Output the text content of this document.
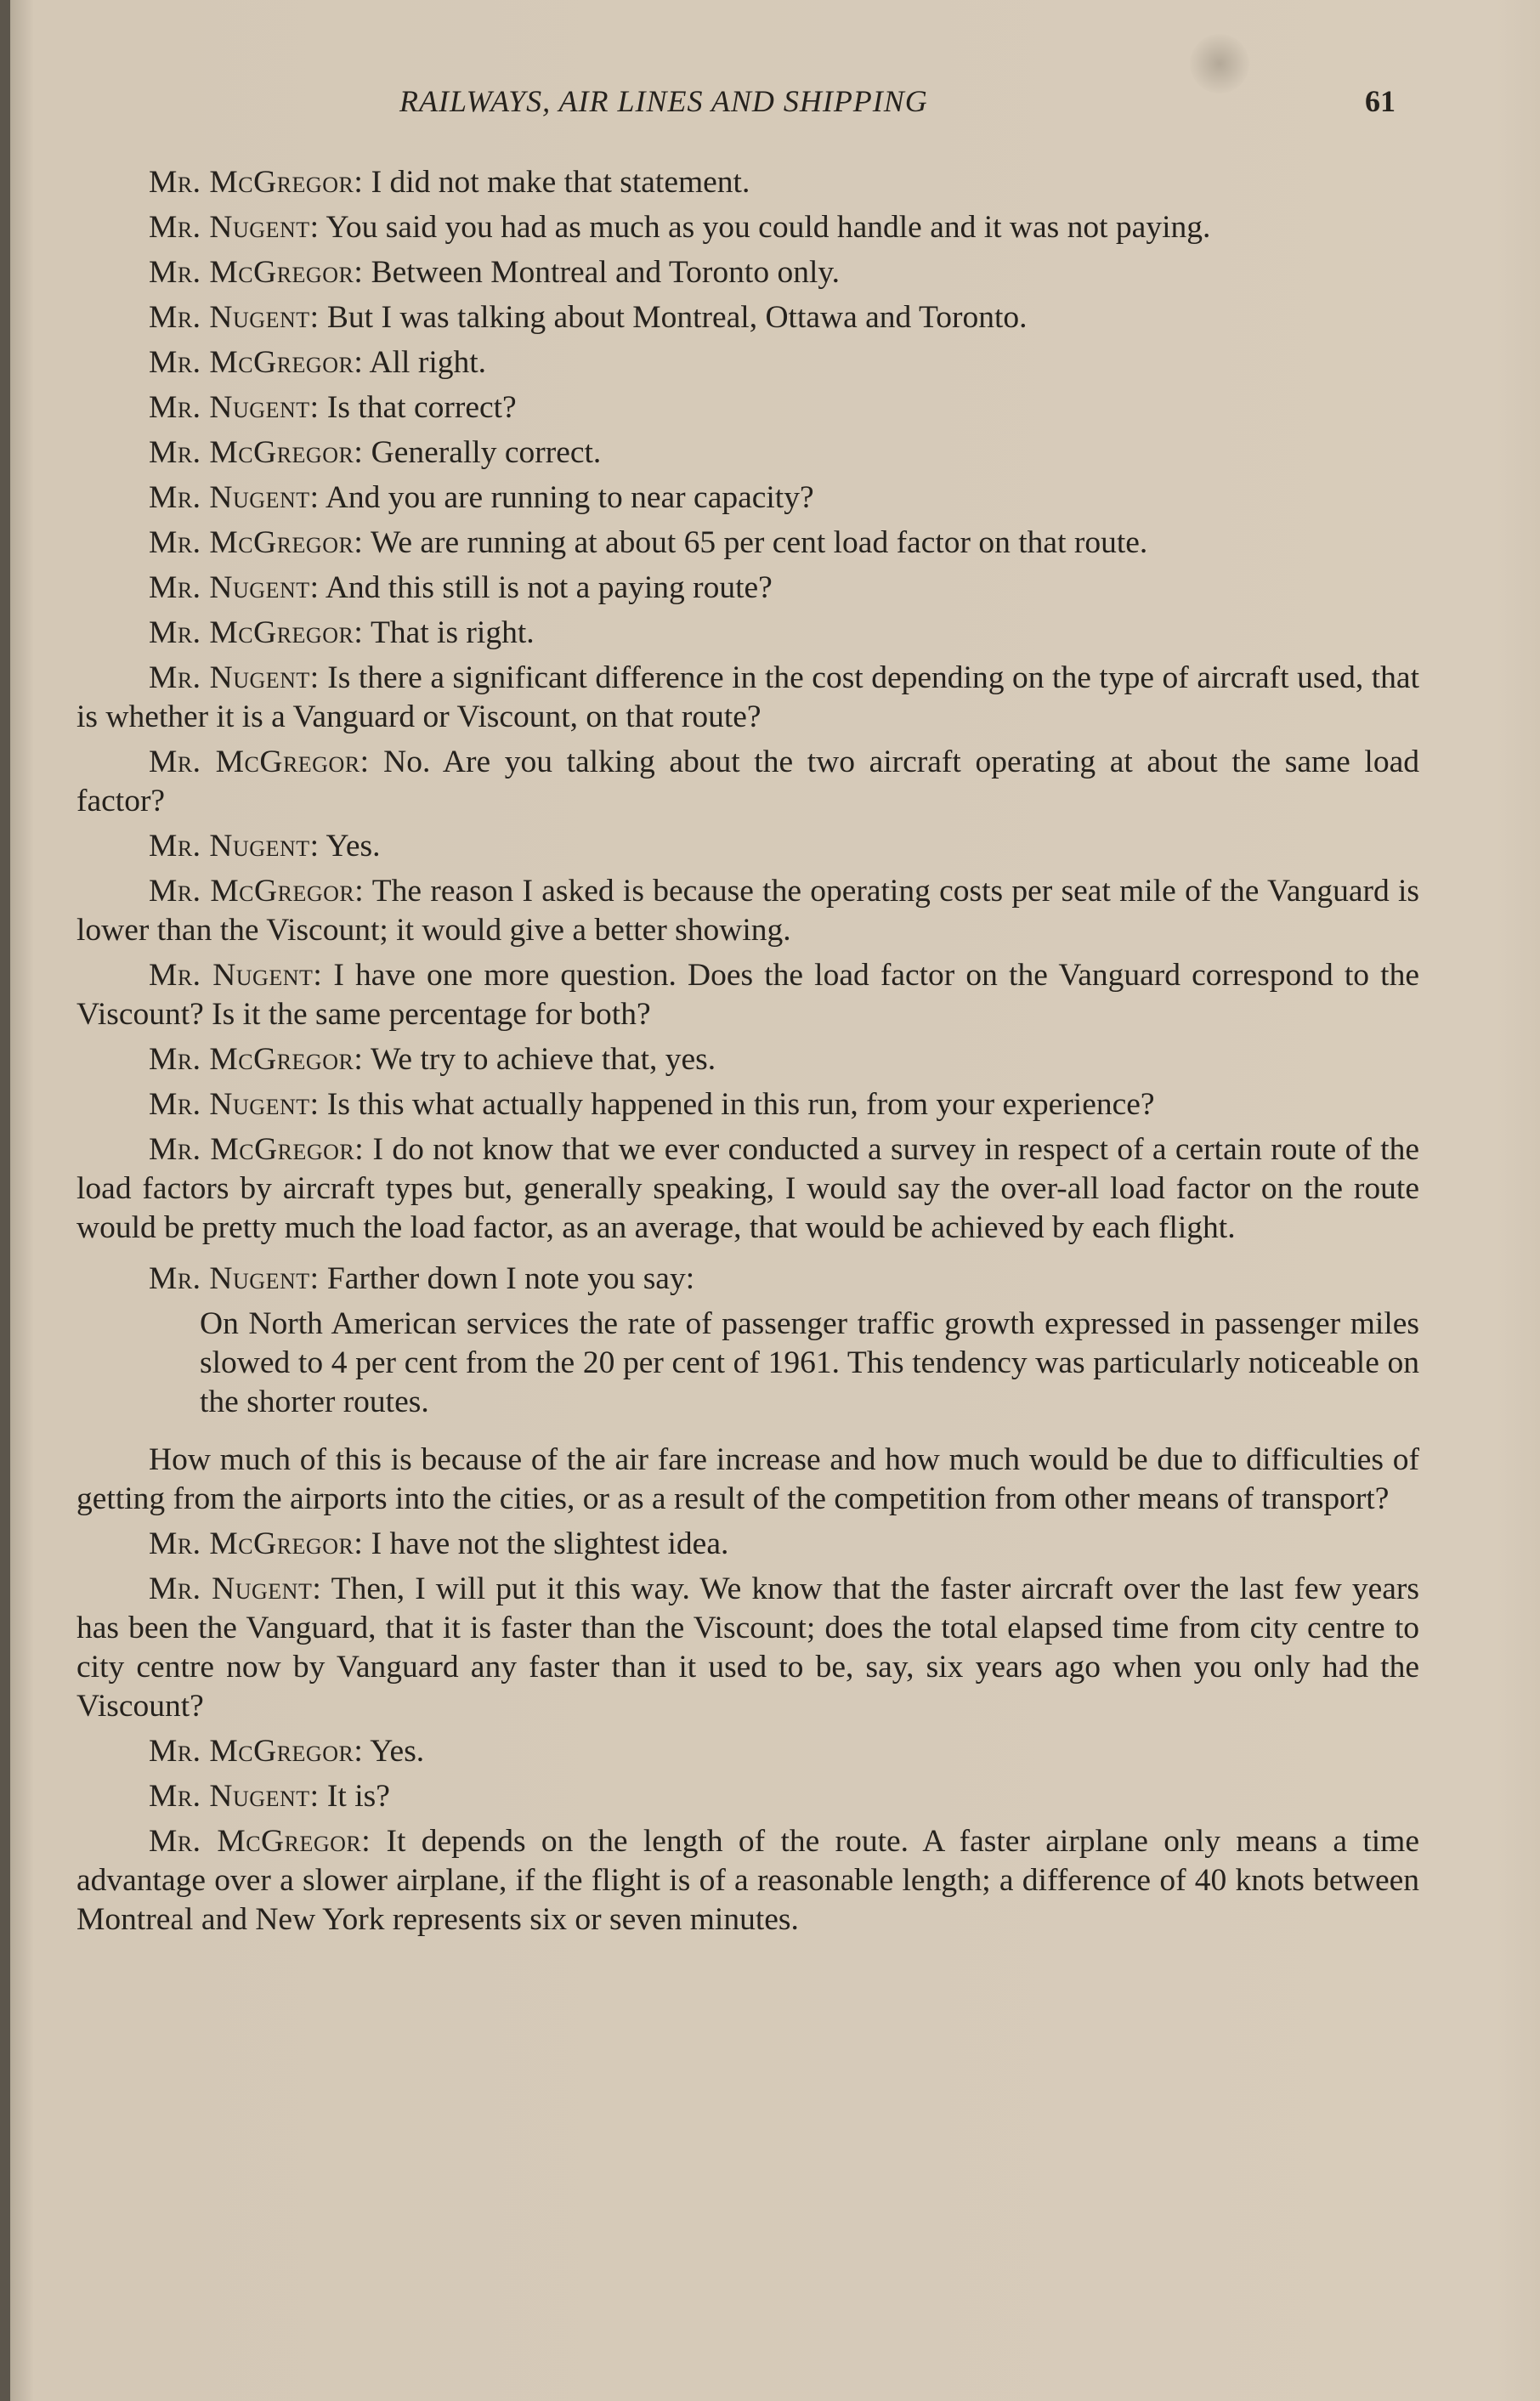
RAILWAYS, AIR LINES AND SHIPPING	61

Mr. McGregor: I did not make that statement.

Mr. Nugent: You said you had as much as you could handle and it was not paying.

Mr. McGregor: Between Montreal and Toronto only.

Mr. Nugent: But I was talking about Montreal, Ottawa and Toronto.

Mr. McGregor: All right.

Mr. Nugent: Is that correct?

Mr. McGregor: Generally correct.

Mr. Nugent: And you are running to near capacity?

Mr. McGregor: We are running at about 65 per cent load factor on that route.

Mr. Nugent: And this still is not a paying route?

Mr. McGregor: That is right.

Mr. Nugent: Is there a significant difference in the cost depending on the type of aircraft used, that is whether it is a Vanguard or Viscount, on that route?

Mr. McGregor: No. Are you talking about the two aircraft operating at about the same load factor?

Mr. Nugent: Yes.

Mr. McGregor: The reason I asked is because the operating costs per seat mile of the Vanguard is lower than the Viscount; it would give a better showing.

Mr. Nugent: I have one more question. Does the load factor on the Vanguard correspond to the Viscount? Is it the same percentage for both?

Mr. McGregor: We try to achieve that, yes.

Mr. Nugent: Is this what actually happened in this run, from your experience?

Mr. McGregor: I do not know that we ever conducted a survey in respect of a certain route of the load factors by aircraft types but, generally speaking, I would say the over-all load factor on the route would be pretty much the load factor, as an average, that would be achieved by each flight.

Mr. Nugent: Farther down I note you say:

On North American services the rate of passenger traffic growth expressed in passenger miles slowed to 4 per cent from the 20 per cent of 1961. This tendency was particularly noticeable on the shorter routes.

How much of this is because of the air fare increase and how much would be due to difficulties of getting from the airports into the cities, or as a result of the competition from other means of transport?

Mr. McGregor: I have not the slightest idea.

Mr. Nugent: Then, I will put it this way. We know that the faster aircraft over the last few years has been the Vanguard, that it is faster than the Viscount; does the total elapsed time from city centre to city centre now by Vanguard any faster than it used to be, say, six years ago when you only had the Viscount?

Mr. McGregor: Yes.

Mr. Nugent: It is?

Mr. McGregor: It depends on the length of the route. A faster airplane only means a time advantage over a slower airplane, if the flight is of a reasonable length; a difference of 40 knots between Montreal and New York represents six or seven minutes.
